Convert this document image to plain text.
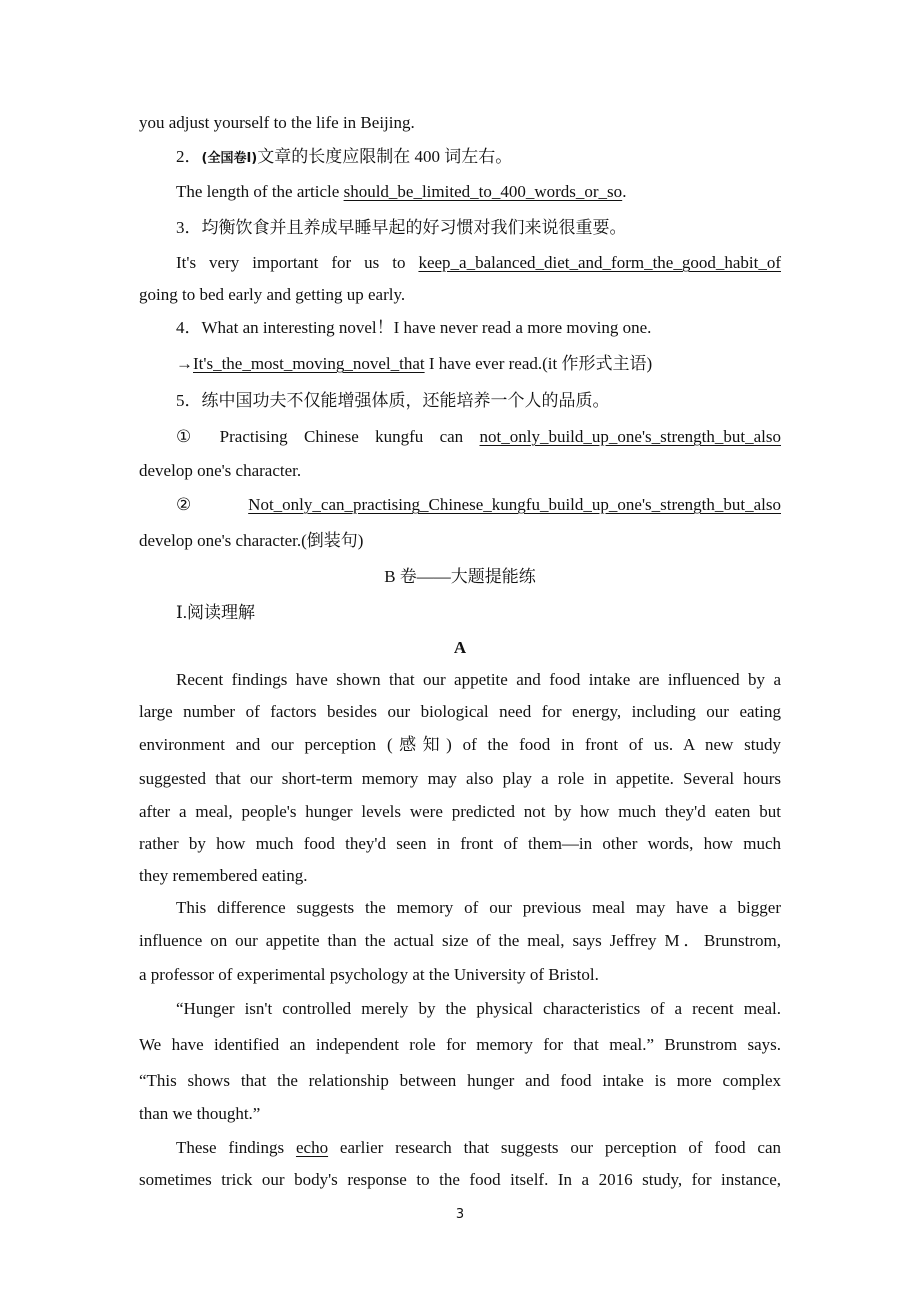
you adjust yourself to the life in Beijing.
2．(全国卷Ⅰ)文章的长度应限制在 400 词左右。
The length of the article should_be_limited_to_400_words_or_so.
3．均衡饮食并且养成早睡早起的好习惯对我们来说很重要。
It's very important for us to keep_a_balanced_diet_and_form_the_good_habit_of
going to bed early and getting up early.
4．What an interesting novel！I have never read a more moving one.
→It's_the_most_moving_novel_that I have ever read.(it 作形式主语)
5．练中国功夫不仅能增强体质，还能培养一个人的品质。
① Practising Chinese kungfu can not_only_build_up_one's_strength_but_also
develop one's character.
② Not_only_can_practising_Chinese_kungfu_build_up_one's_strength_but_also
develop one's character.(倒装句)
B 卷——大题提能练
Ⅰ.阅读理解
A
Recent findings have shown that our appetite and food intake are influenced by a
large number of factors besides our biological need for energy, including our eating
environment and our perception (感知) of the food in front of us. A new study
suggested that our short-term memory may also play a role in appetite. Several hours
after a meal, people's hunger levels were predicted not by how much they'd eaten but
rather by how much food they'd seen in front of them—in other words, how much
they remembered eating.
This difference suggests the memory of our previous meal may have a bigger
influence on our appetite than the actual size of the meal, says Jeffrey M．Brunstrom,
a professor of experimental psychology at the University of Bristol.
“Hunger isn't controlled merely by the physical characteristics of a recent meal.
We have identified an independent role for memory for that meal.” Brunstrom says.
“This shows that the relationship between hunger and food intake is more complex
than we thought.”
These findings echo earlier research that suggests our perception of food can
sometimes trick our body's response to the food itself. In a 2016 study, for instance,
3
